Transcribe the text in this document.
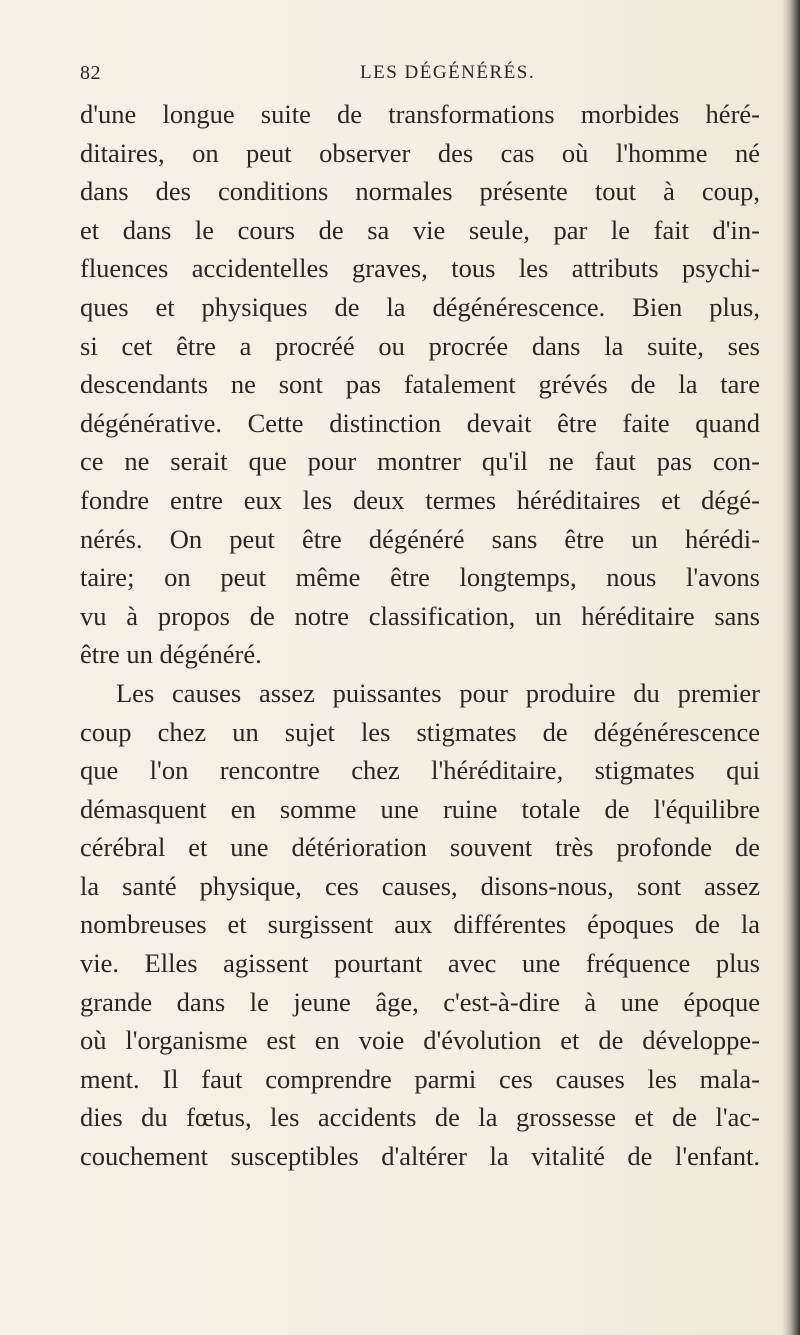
82	LES DÉGÉNÉRÉS.
d'une longue suite de transformations morbides héré-
ditaires, on peut observer des cas où l'homme né
dans des conditions normales présente tout à coup,
et dans le cours de sa vie seule, par le fait d'in-
fluences accidentelles graves, tous les attributs psychi-
ques et physiques de la dégénérescence. Bien plus,
si cet être a procréé ou procrée dans la suite, ses
descendants ne sont pas fatalement grévés de la tare
dégénérative. Cette distinction devait être faite quand
ce ne serait que pour montrer qu'il ne faut pas con-
fondre entre eux les deux termes héréditaires et dégé-
nérés. On peut être dégénéré sans être un hérédi-
taire; on peut même être longtemps, nous l'avons
vu à propos de notre classification, un héréditaire sans
être un dégénéré.
Les causes assez puissantes pour produire du premier
coup chez un sujet les stigmates de dégénérescence
que l'on rencontre chez l'héréditaire, stigmates qui
démasquent en somme une ruine totale de l'équilibre
cérébral et une détérioration souvent très profonde de
la santé physique, ces causes, disons-nous, sont assez
nombreuses et surgissent aux différentes époques de la
vie. Elles agissent pourtant avec une fréquence plus
grande dans le jeune âge, c'est-à-dire à une époque
où l'organisme est en voie d'évolution et de développe-
ment. Il faut comprendre parmi ces causes les mala-
dies du fœtus, les accidents de la grossesse et de l'ac-
couchement susceptibles d'altérer la vitalité de l'enfant.
